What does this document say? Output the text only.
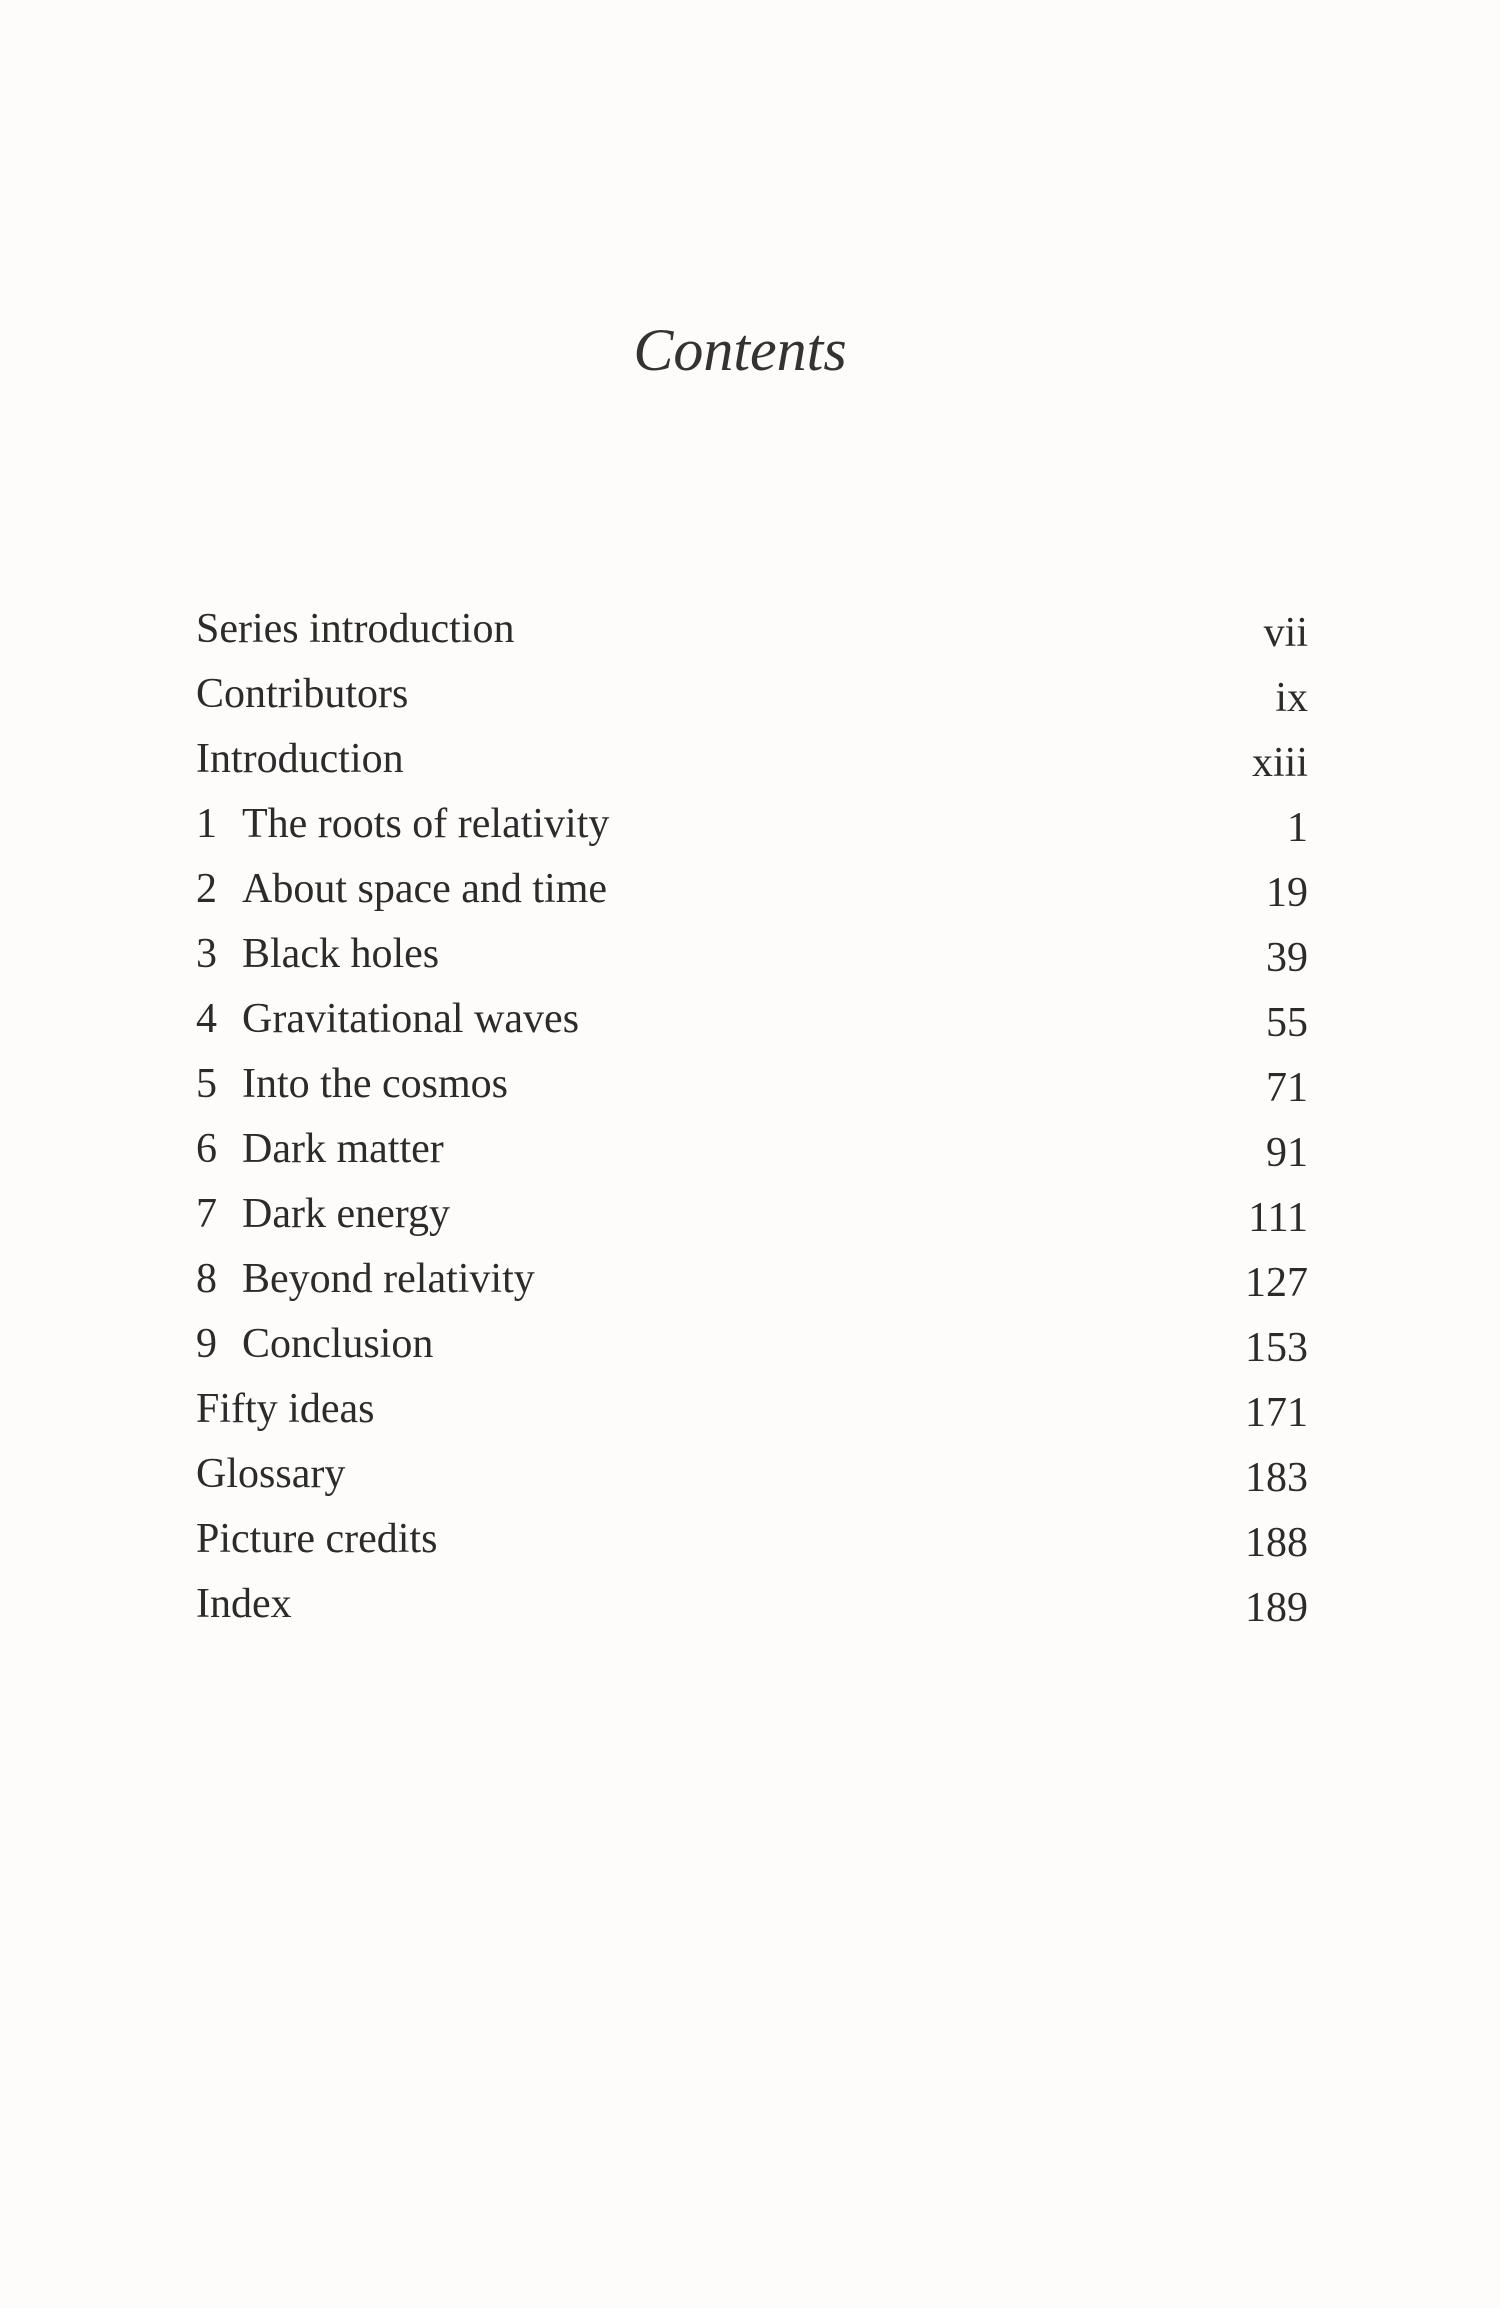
Contents
Series introduction	vii
Contributors	ix
Introduction	xiii
1 The roots of relativity	1
2 About space and time	19
3 Black holes	39
4 Gravitational waves	55
5 Into the cosmos	71
6 Dark matter	91
7 Dark energy	111
8 Beyond relativity	127
9 Conclusion	153
Fifty ideas	171
Glossary	183
Picture credits	188
Index	189
